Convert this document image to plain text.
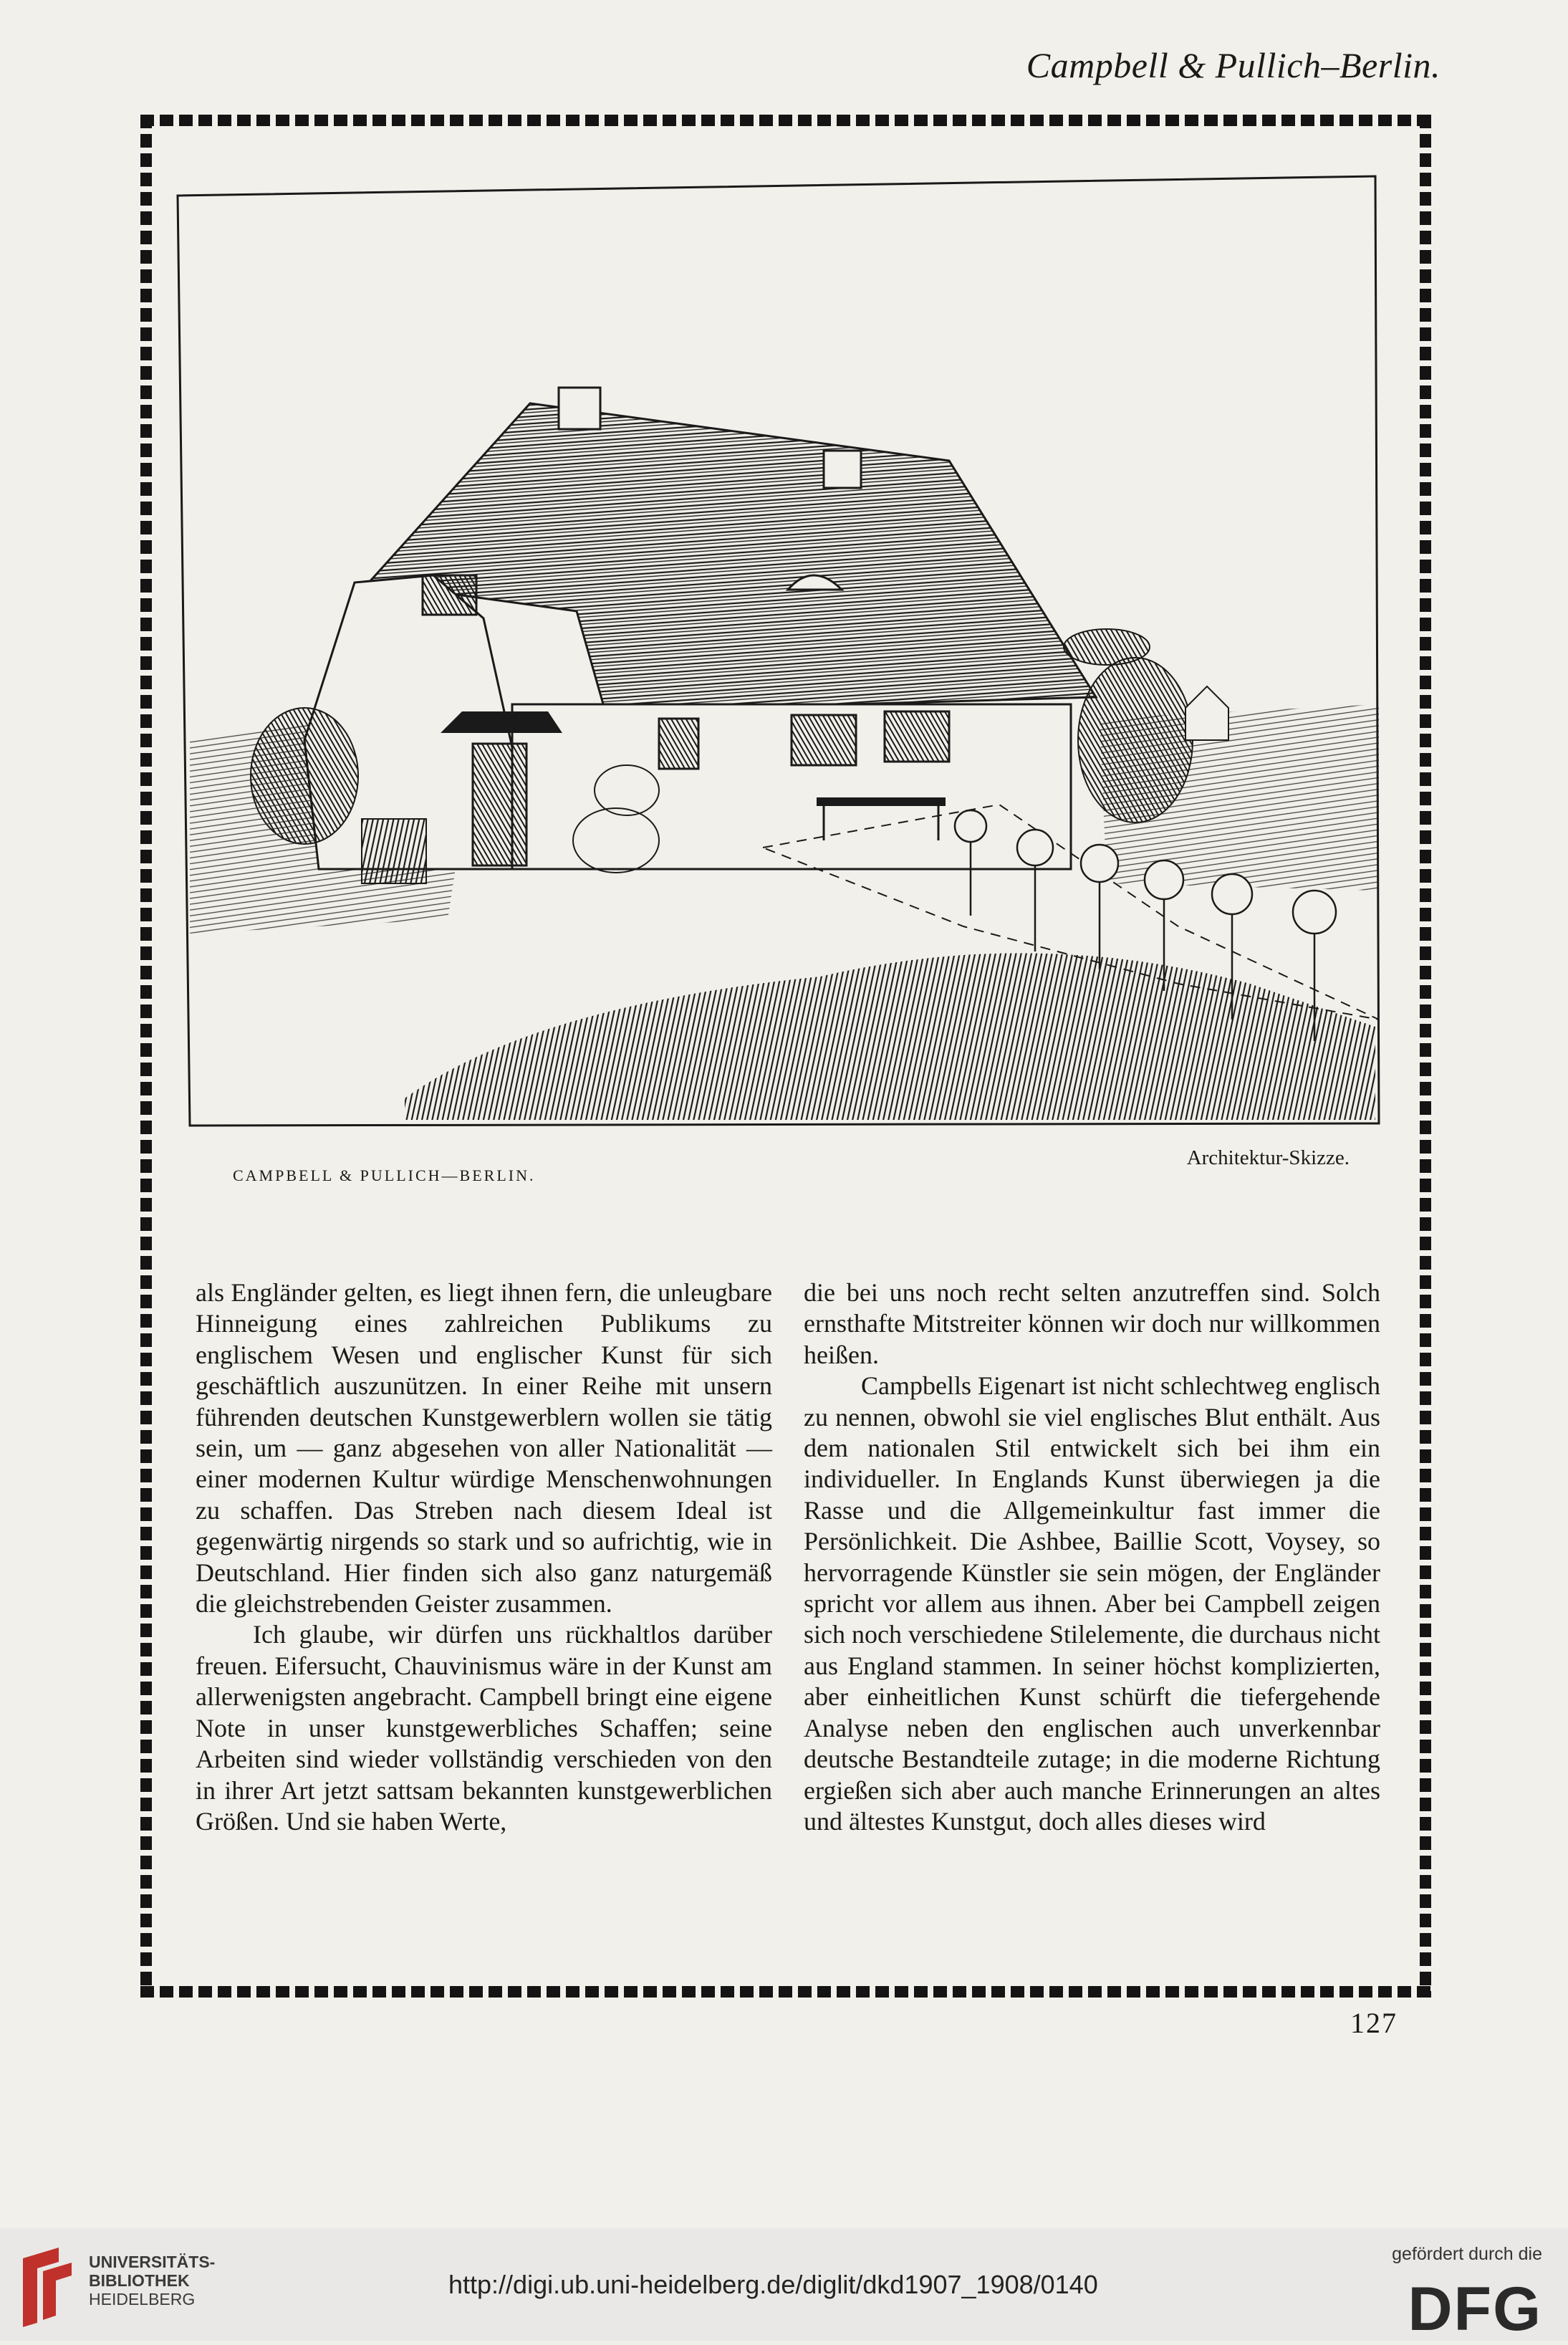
Campbell & Pullich–Berlin.
CAMPBELL & PULLICH—BERLIN.
Architektur-Skizze.

als Engländer gelten, es liegt ihnen fern, die unleugbare Hinneigung eines zahlreichen Publikums zu englischem Wesen und englischer Kunst für sich geschäftlich auszunützen. In einer Reihe mit unsern führenden deutschen Kunstgewerblern wollen sie tätig sein, um — ganz abgesehen von aller Nationalität — einer modernen Kultur würdige Menschenwohnungen zu schaffen. Das Streben nach diesem Ideal ist gegenwärtig nirgends so stark und so aufrichtig, wie in Deutschland. Hier finden sich also ganz naturgemäß die gleichstrebenden Geister zusammen.

Ich glaube, wir dürfen uns rückhaltlos darüber freuen. Eifersucht, Chauvinismus wäre in der Kunst am allerwenigsten angebracht. Campbell bringt eine eigene Note in unser kunstgewerbliches Schaffen; seine Arbeiten sind wieder vollständig verschieden von den in ihrer Art jetzt sattsam bekannten kunstgewerblichen Größen. Und sie haben Werte,

die bei uns noch recht selten anzutreffen sind. Solch ernsthafte Mitstreiter können wir doch nur willkommen heißen.

Campbells Eigenart ist nicht schlechtweg englisch zu nennen, obwohl sie viel englisches Blut enthält. Aus dem nationalen Stil entwickelt sich bei ihm ein individueller. In Englands Kunst überwiegen ja die Rasse und die Allgemeinkultur fast immer die Persönlichkeit. Die Ashbee, Baillie Scott, Voysey, so hervorragende Künstler sie sein mögen, der Engländer spricht vor allem aus ihnen. Aber bei Campbell zeigen sich noch verschiedene Stilelemente, die durchaus nicht aus England stammen. In seiner höchst komplizierten, aber einheitlichen Kunst schürft die tiefergehende Analyse neben den englischen auch unverkennbar deutsche Bestandteile zutage; in die moderne Richtung ergießen sich aber auch manche Erinnerungen an altes und ältestes Kunstgut, doch alles dieses wird

127
UNIVERSITÄTS-
BIBLIOTHEK
HEIDELBERG	http://digi.ub.uni-heidelberg.de/diglit/dkd1907_1908/0140
gefördert durch die
DFG
